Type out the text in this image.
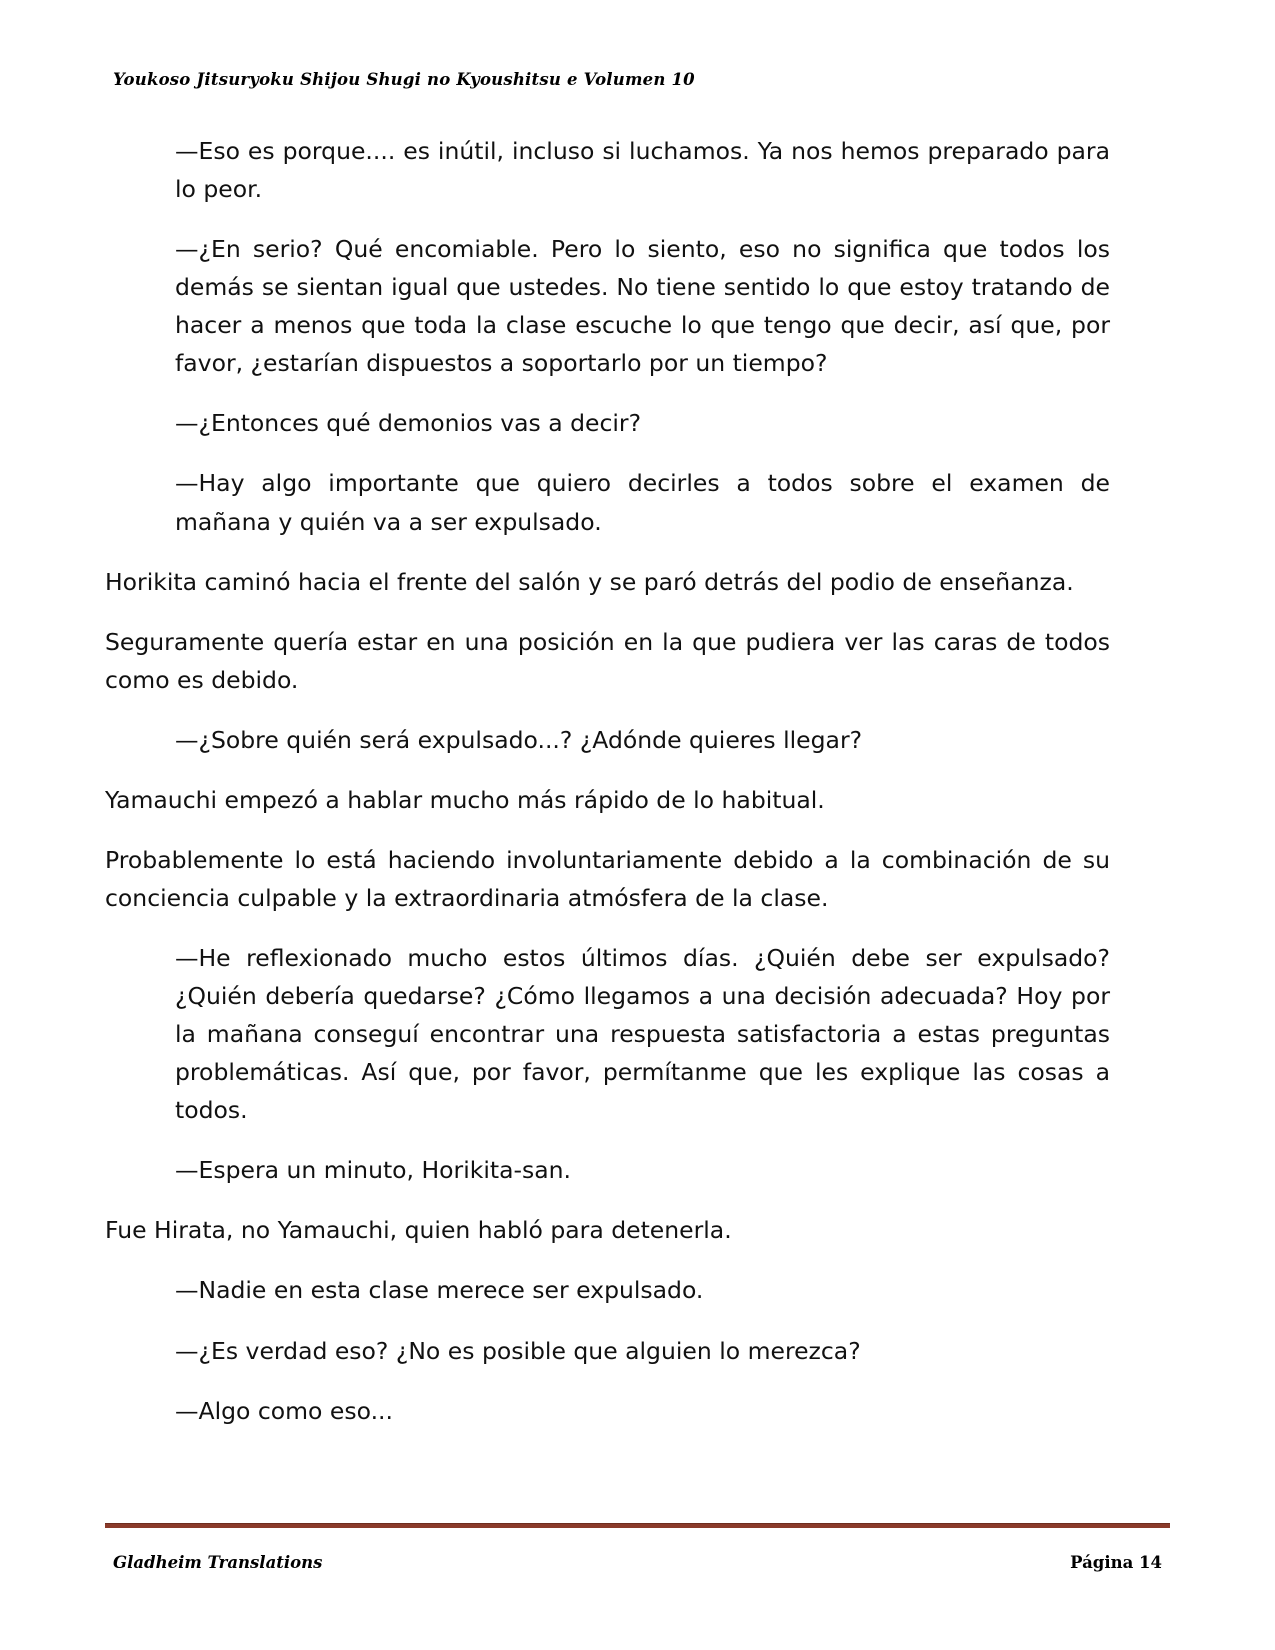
Youkoso Jitsuryoku Shijou Shugi no Kyoushitsu e Volumen 10

—Eso es porque.... es inútil, incluso si luchamos. Ya nos hemos preparado para lo peor.

—¿En serio? Qué encomiable. Pero lo siento, eso no significa que todos los demás se sientan igual que ustedes. No tiene sentido lo que estoy tratando de hacer a menos que toda la clase escuche lo que tengo que decir, así que, por favor, ¿estarían dispuestos a soportarlo por un tiempo?

—¿Entonces qué demonios vas a decir?

—Hay algo importante que quiero decirles a todos sobre el examen de mañana y quién va a ser expulsado.

Horikita caminó hacia el frente del salón y se paró detrás del podio de enseñanza.

Seguramente quería estar en una posición en la que pudiera ver las caras de todos como es debido.

—¿Sobre quién será expulsado...? ¿Adónde quieres llegar?

Yamauchi empezó a hablar mucho más rápido de lo habitual.

Probablemente lo está haciendo involuntariamente debido a la combinación de su conciencia culpable y la extraordinaria atmósfera de la clase.

—He reflexionado mucho estos últimos días. ¿Quién debe ser expulsado? ¿Quién debería quedarse? ¿Cómo llegamos a una decisión adecuada? Hoy por la mañana conseguí encontrar una respuesta satisfactoria a estas preguntas problemáticas. Así que, por favor, permítanme que les explique las cosas a todos.

—Espera un minuto, Horikita-san.

Fue Hirata, no Yamauchi, quien habló para detenerla.

—Nadie en esta clase merece ser expulsado.

—¿Es verdad eso? ¿No es posible que alguien lo merezca?

—Algo como eso...

Gladheim Translations	Página 14
